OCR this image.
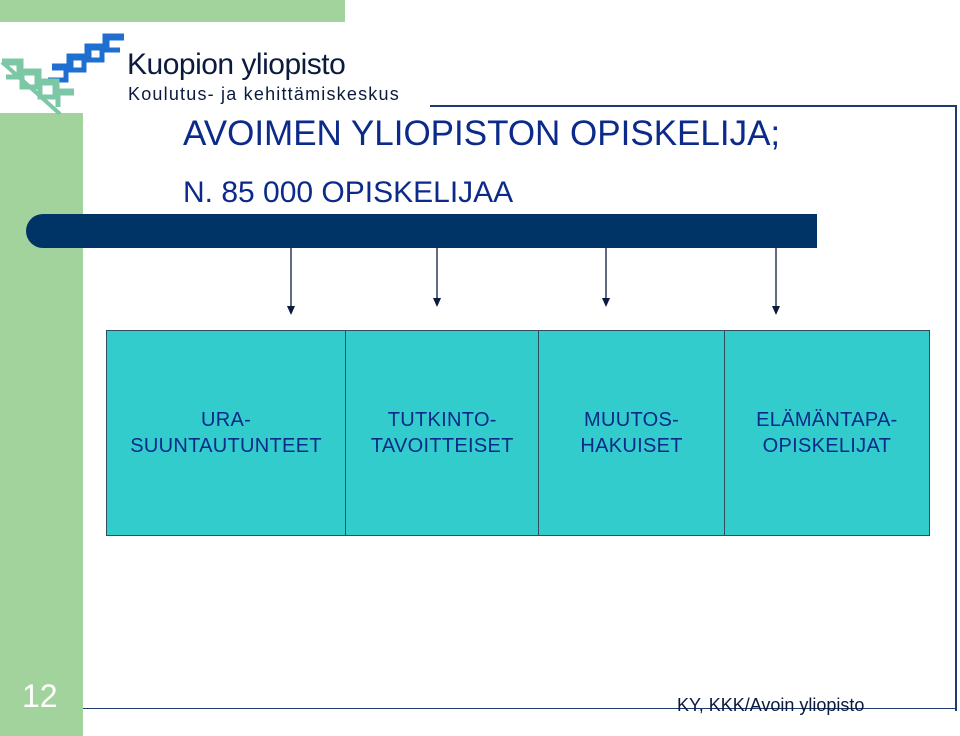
Kuopion yliopisto
Koulutus- ja kehittämiskeskus
AVOIMEN YLIOPISTON OPISKELIJA;
N. 85 000 OPISKELIJAA
URA-
SUUNTAUTUNTEET
TUTKINTO-
TAVOITTEISET
MUUTOS-
HAKUISET
ELÄMÄNTAPA-
OPISKELIJAT
12	KY, KKK/Avoin yliopisto
